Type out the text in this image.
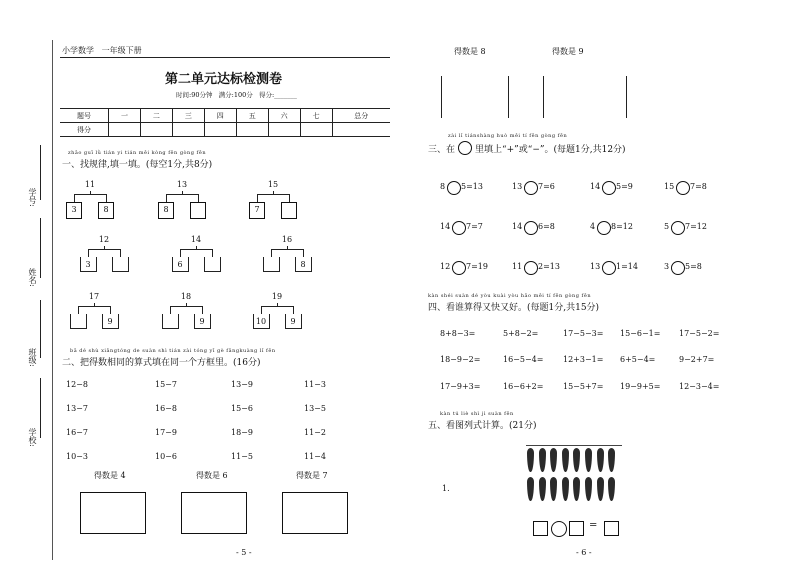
小学数学 一年级下册
第二单元达标检测卷
时间:90分钟 满分:100分 得分:_______
题号	一	二	三	四	五	六	七	总分
得分								
学号:
姓名:
班级:
学校:
zhǎo guī lǜ tián yi tián měi kòng fēn gòng fēn
一、找规律,填一填。(每空1分,共8分)
11
3	8
13
8
15
7
12
3
14
6
16
8
17
9
18
9
19
10	9
bǎ dé shù xiāngtóng de suàn shì tián zài tóng yī gè fāngkuàng lǐ fēn
二、把得数相同的算式填在同一个方框里。(16分)
12−8	15−7	13−9	11−3
13−7	16−8	15−6	13−5
16−7	17−9	18−9	11−2
10−3	10−6	11−5	11−4
得数是 4	得数是 6	得数是 7
- 5 -
得数是 8	得数是 9
zài lǐ tiánshàng huò měi tí fēn gòng fēn
三、在 里填上“+”或“−”。(每题1分,共12分)
8 5=13	13 7=6	14 5=9	15 7=8
14 7=7	14 6=8	4 8=12	5 7=12
12 7=19	11 2=13	13 1=14	3 5=8
kàn shéi suàn dé yòu kuài yòu hǎo měi tí fēn gòng fēn
四、看谁算得又快又好。(每题1分,共15分)
8+8−3=	5+8−2=	17−5−3= 15−6−1= 17−5−2=
18−9−2=	16−5−4= 12+3−1= 6+5−4=	9−2+7=
17−9+3=	16−6+2= 15−5+7= 19−9+5= 12−3−4=
kàn tú liè shì jì suàn fēn
五、看图列式计算。(21分)
1.
=
- 6 -
